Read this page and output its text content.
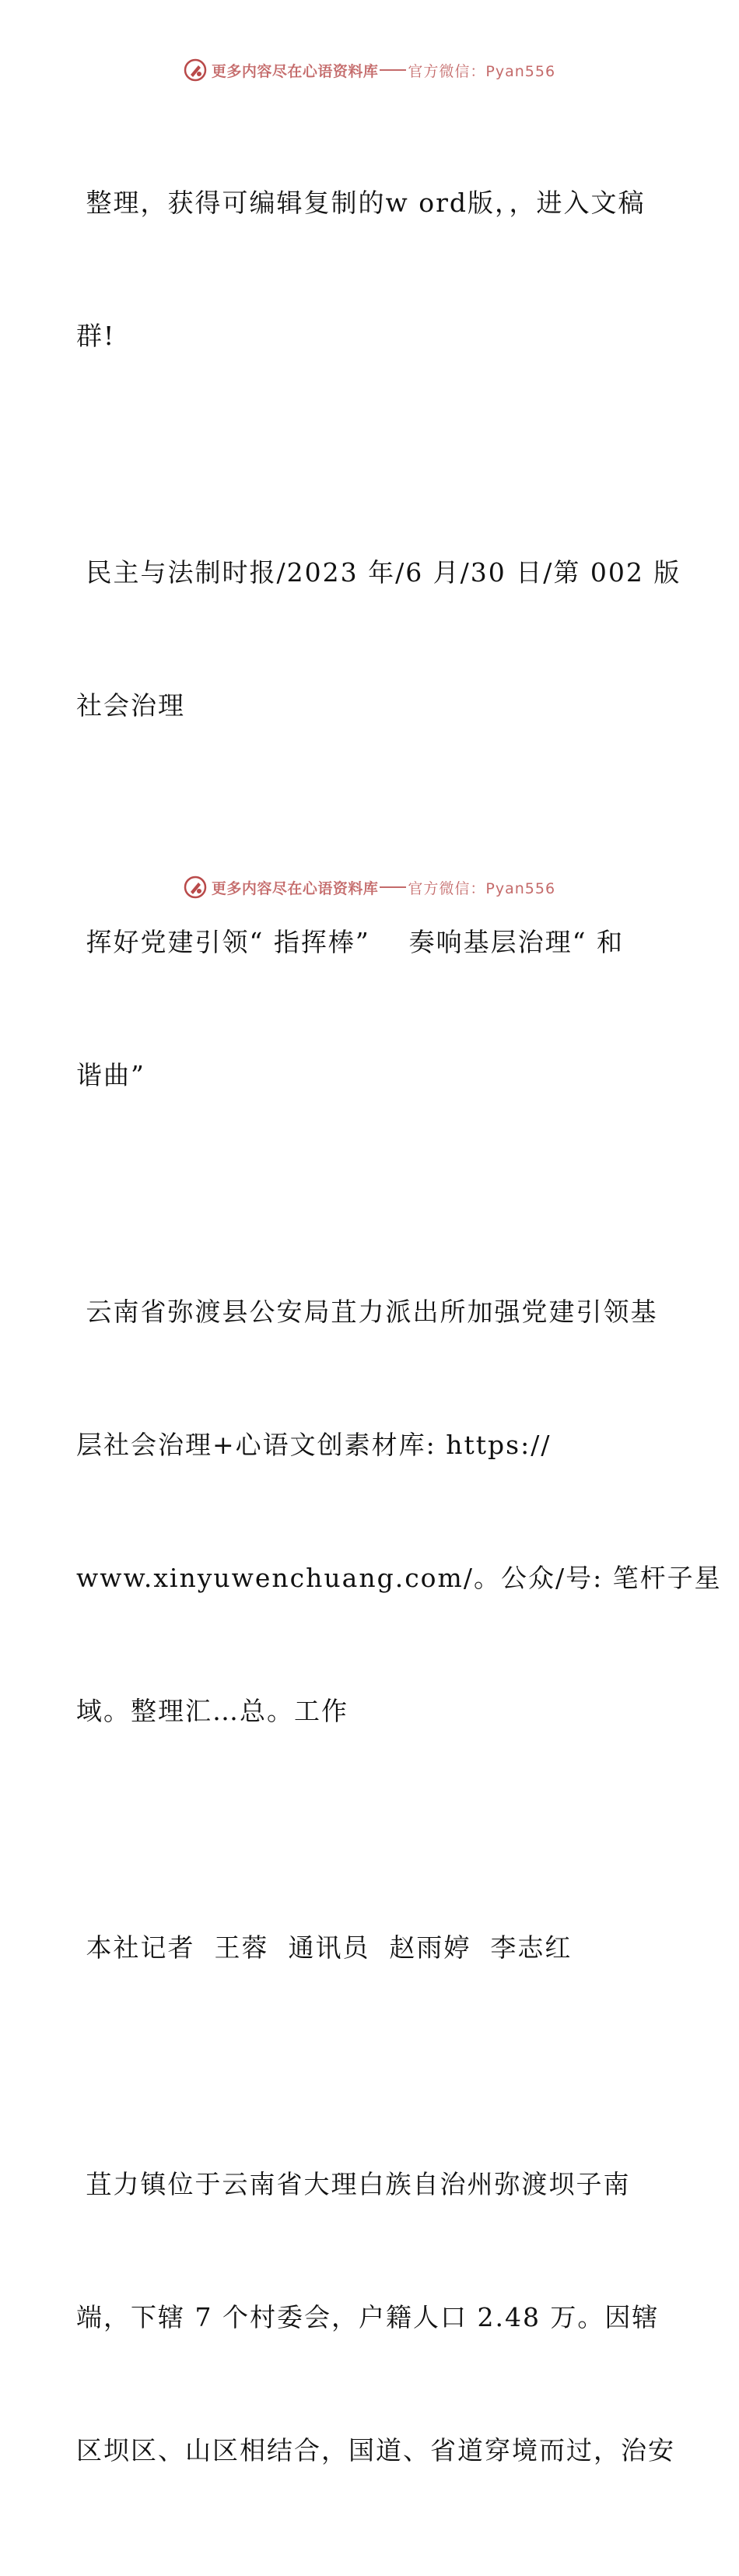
更多内容尽在心语资料库 官方微信：Pyan556

整理，获得可编辑复制的w ord版，，进入文稿

群!

民主与法制时报/2023 年/6 月/30 日/第 002 版

社会治理

挥好党建引领“ 指挥棒”    奏响基层治理“ 和

谐曲”

云南省弥渡县公安局苴力派出所加强党建引领基

层社会治理+心语文创素材库: https://

www.xinyuwenchuang.com/。公众/号: 笔杆子星

域。整理汇…总。工作

本社记者  王蓉  通讯员  赵雨婷  李志红

苴力镇位于云南省大理白族自治州弥渡坝子南

端，下辖 7 个村委会，户籍人口 2.48 万。因辖

区坝区、山区相结合，国道、省道穿境而过，治安

更多内容尽在心语资料库 官方微信：Pyan556
